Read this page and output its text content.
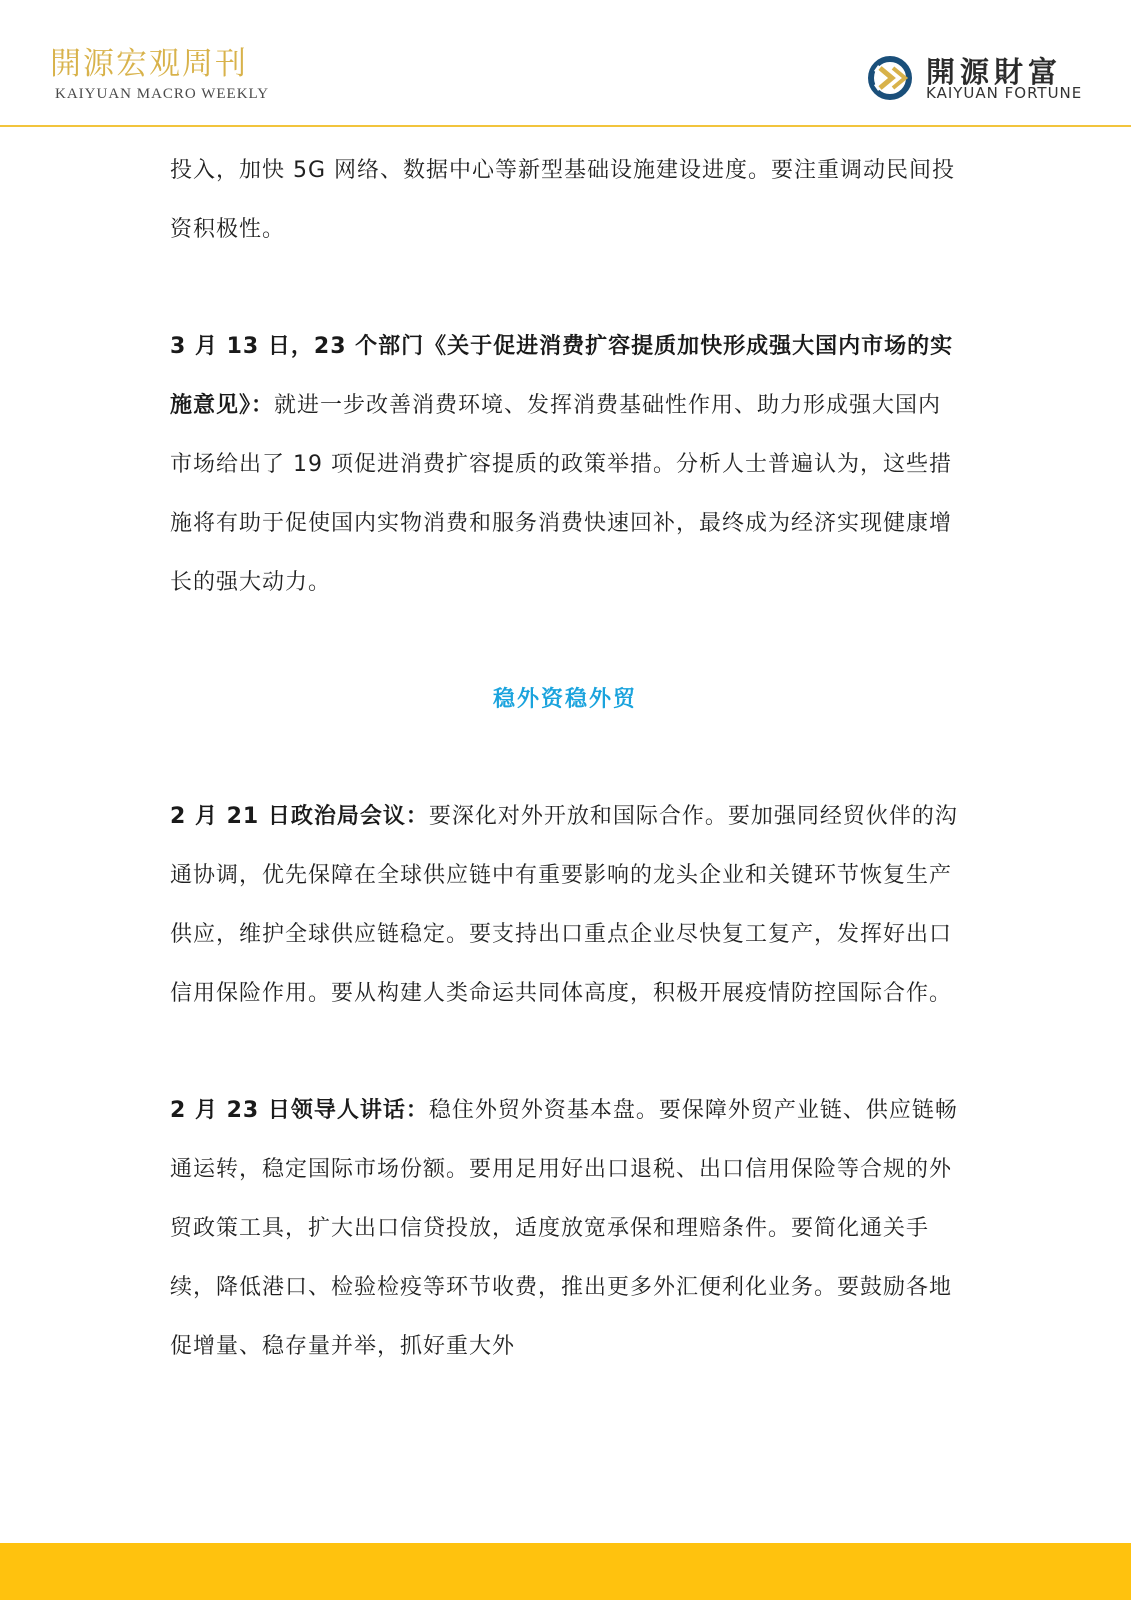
開源宏观周刊
KAIYUAN MACRO WEEKLY
開源財富
KAIYUAN FORTUNE

投入，加快 5G 网络、数据中心等新型基础设施建设进度。要注重调动民间投资积极性。

3 月 13 日，23 个部门《关于促进消费扩容提质加快形成强大国内市场的实施意见》：就进一步改善消费环境、发挥消费基础性作用、助力形成强大国内市场给出了 19 项促进消费扩容提质的政策举措。分析人士普遍认为，这些措施将有助于促使国内实物消费和服务消费快速回补，最终成为经济实现健康增长的强大动力。

稳外资稳外贸

2 月 21 日政治局会议：要深化对外开放和国际合作。要加强同经贸伙伴的沟通协调，优先保障在全球供应链中有重要影响的龙头企业和关键环节恢复生产供应，维护全球供应链稳定。要支持出口重点企业尽快复工复产，发挥好出口信用保险作用。要从构建人类命运共同体高度，积极开展疫情防控国际合作。

2 月 23 日领导人讲话：稳住外贸外资基本盘。要保障外贸产业链、供应链畅通运转，稳定国际市场份额。要用足用好出口退税、出口信用保险等合规的外贸政策工具，扩大出口信贷投放，适度放宽承保和理赔条件。要简化通关手续，降低港口、检验检疫等环节收费，推出更多外汇便利化业务。要鼓励各地促增量、稳存量并举，抓好重大外
